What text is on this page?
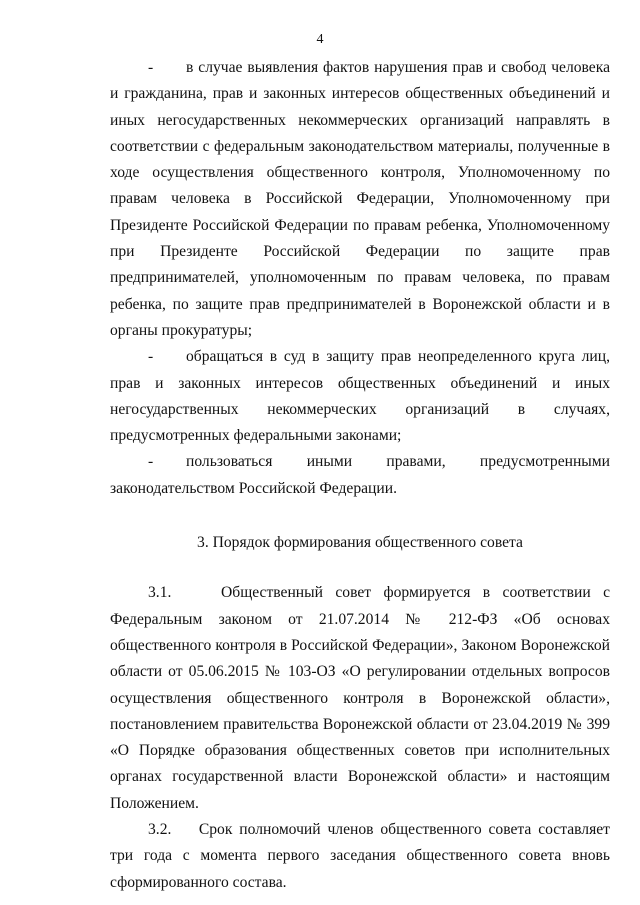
4

- в случае выявления фактов нарушения прав и свобод человека и гражданина, прав и законных интересов общественных объединений и иных негосударственных некоммерческих организаций направлять в соответствии с федеральным законодательством материалы, полученные в ходе осуществления общественного контроля, Уполномоченному по правам человека в Российской Федерации, Уполномоченному при Президенте Российской Федерации по правам ребенка, Уполномоченному при Президенте Российской Федерации по защите прав предпринимателей, уполномоченным по правам человека, по правам ребенка, по защите прав предпринимателей в Воронежской области и в органы прокуратуры;

- обращаться в суд в защиту прав неопределенного круга лиц, прав и законных интересов общественных объединений и иных негосударственных некоммерческих организаций в случаях, предусмотренных федеральными законами;

- пользоваться иными правами, предусмотренными законодательством Российской Федерации.

3. Порядок формирования общественного совета

3.1.	Общественный совет формируется в соответствии с Федеральным законом от 21.07.2014 № 212-ФЗ «Об основах общественного контроля в Российской Федерации», Законом Воронежской области от 05.06.2015 № 103-ОЗ «О регулировании отдельных вопросов осуществления общественного контроля в Воронежской области», постановлением правительства Воронежской области от 23.04.2019 № 399 «О Порядке образования общественных советов при исполнительных органах государственной власти Воронежской области» и настоящим Положением.

3.2. Срок полномочий членов общественного совета составляет три года с момента первого заседания общественного совета вновь сформированного состава.
